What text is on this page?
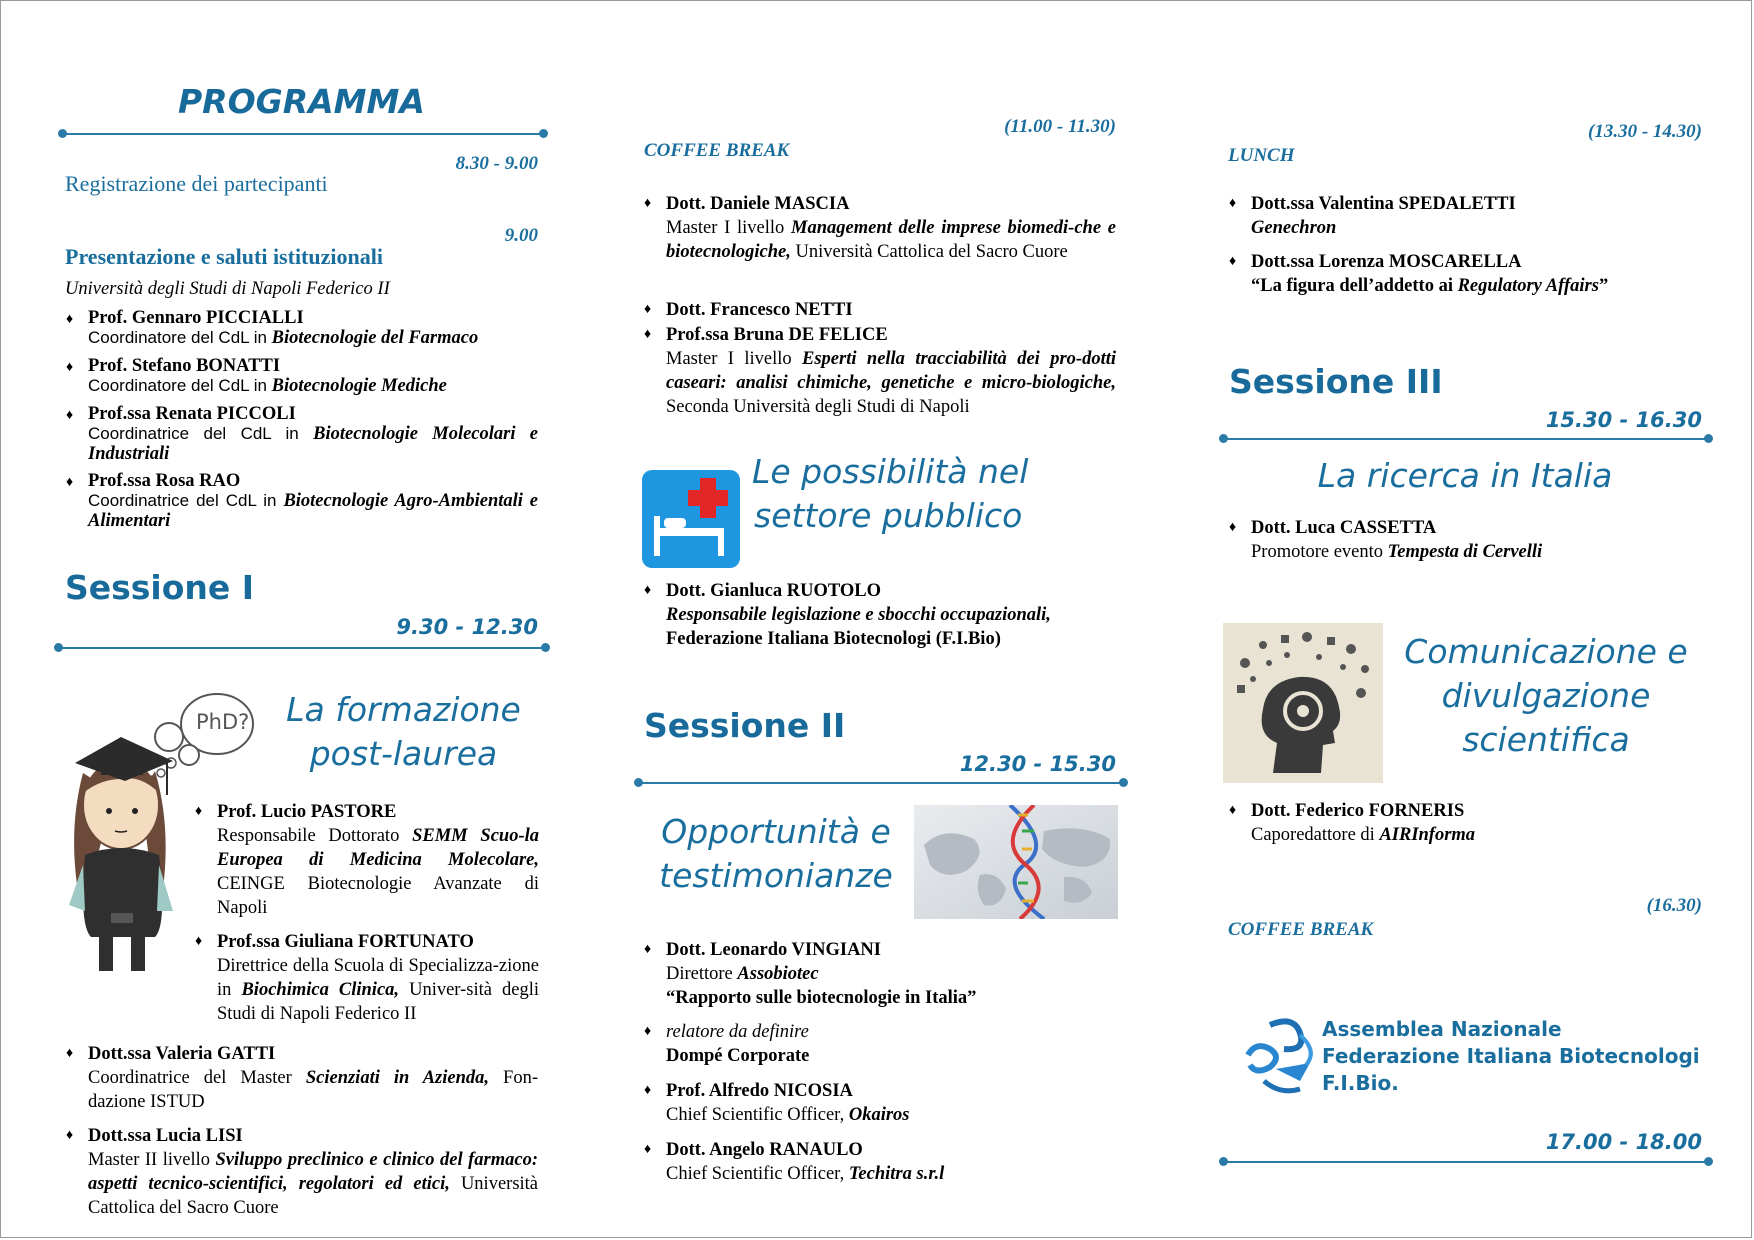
PROGRAMMA
8.30 - 9.00
Registrazione dei partecipanti
9.00
Presentazione e saluti istituzionali
Università degli Studi di Napoli Federico II
♦ Prof. Gennaro PICCIALLI
Coordinatore del CdL in Biotecnologie del Farmaco
♦ Prof. Stefano BONATTI
Coordinatore del CdL in Biotecnologie Mediche
♦ Prof.ssa Renata PICCOLI
Coordinatrice del CdL in Biotecnologie Molecolari e Industriali
♦ Prof.ssa Rosa RAO
Coordinatrice del CdL in Biotecnologie Agro-Ambientali e Alimentari
Sessione I
9.30 - 12.30
PhD?	La formazione
post-laurea
♦ Prof. Lucio PASTORE
Responsabile Dottorato SEMM Scuo-la Europea di Medicina Molecolare, CEINGE Biotecnologie Avanzate di Napoli
♦ Prof.ssa Giuliana FORTUNATO
Direttrice della Scuola di Specializza-zione in Biochimica Clinica, Univer-sità degli Studi di Napoli Federico II
♦ Dott.ssa Valeria GATTI
Coordinatrice del Master Scienziati in Azienda, Fon-dazione ISTUD
♦ Dott.ssa Lucia LISI
Master II livello Sviluppo preclinico e clinico del farmaco: aspetti tecnico-scientifici, regolatori ed etici, Università Cattolica del Sacro Cuore
(11.00 - 11.30)
COFFEE BREAK
♦ Dott. Daniele MASCIA
Master I livello Management delle imprese biomedi-che e biotecnologiche, Università Cattolica del Sacro Cuore
♦ Dott. Francesco NETTI
♦ Prof.ssa Bruna DE FELICE
Master I livello Esperti nella tracciabilità dei pro-dotti caseari: analisi chimiche, genetiche e micro-biologiche, Seconda Università degli Studi di Napoli
Le possibilità nel
settore pubblico
♦ Dott. Gianluca RUOTOLO
Responsabile legislazione e sbocchi occupazionali,
Federazione Italiana Biotecnologi (F.I.Bio)
Sessione II
12.30 - 15.30
Opportunità e
testimonianze
♦ Dott. Leonardo VINGIANI
Direttore Assobiotec
“Rapporto sulle biotecnologie in Italia”
♦ relatore da definire
Dompé Corporate
♦ Prof. Alfredo NICOSIA
Chief Scientific Officer, Okairos
♦ Dott. Angelo RANAULO
Chief Scientific Officer, Techitra s.r.l
(13.30 - 14.30)
LUNCH
♦ Dott.ssa Valentina SPEDALETTI
Genechron
♦ Dott.ssa Lorenza MOSCARELLA
“La figura dell’addetto ai Regulatory Affairs”
Sessione III
15.30 - 16.30
La ricerca in Italia
♦ Dott. Luca CASSETTA
Promotore evento Tempesta di Cervelli
Comunicazione e
divulgazione
scientifica
♦ Dott. Federico FORNERIS
Caporedattore di AIRInforma
(16.30)
COFFEE BREAK
Assemblea Nazionale
Federazione Italiana Biotecnologi
F.I.Bio.
17.00 - 18.00
